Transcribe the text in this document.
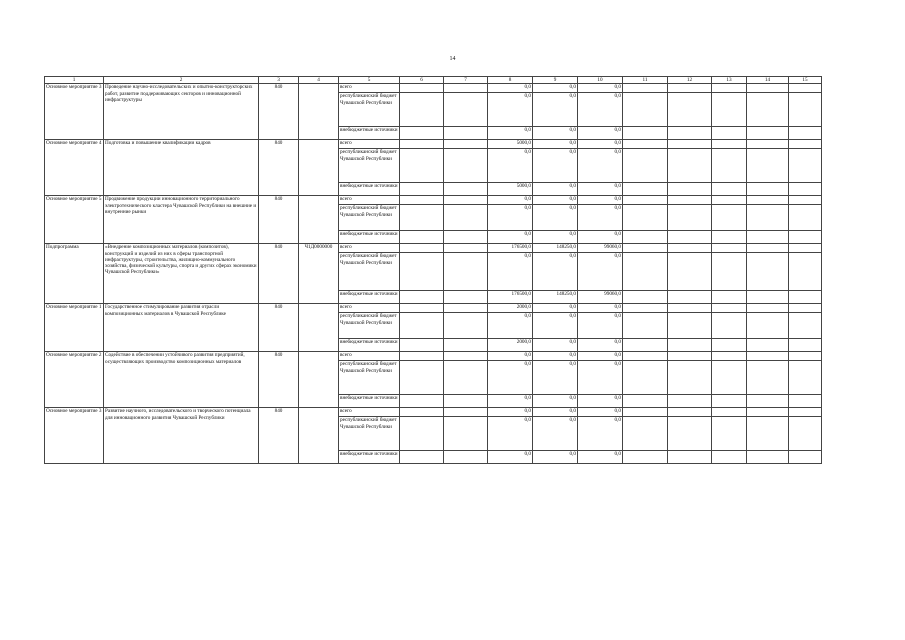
14
1	2	3	4	5	6	7	8	9	10	11	12	13	14	15
Основное мероприятие 3	Проведение научно-исследовательских и опытно-конструкторских работ, развитие поддерживающих секторов и инновационной инфраструктуры	840		всего			0,0	0,0	0,0					
				республиканский бюджет Чувашской Республики			0,0	0,0	0,0					
				внебюджетные источники			0,0	0,0	0,0					
Основное мероприятие 4	Подготовка и повышение квалификации кадров	840		всего			5000,0	0,0	0,0					
				республиканский бюджет Чувашской Республики			0,0	0,0	0,0					
				внебюджетные источники			5000,0	0,0	0,0					
Основное мероприятие 5	Продвижение продукции инновационного территориального электротехнического кластера Чувашской Республики на внешние и внутренние рынки	840		всего			0,0	0,0	0,0					
				республиканский бюджет Чувашской Республики			0,0	0,0	0,0					
				внебюджетные источники			0,0	0,0	0,0					
Подпрограмма	«Внедрение композиционных материалов (композитов), конструкций и изделий из них в сферы транспортной инфраструктуры, строительства, жилищно-коммунального хозяйства, физической культуры, спорта и других сферах экономики Чувашской Республики»	840	Ч1Д0000000	всего			176500,0	148250,0	99060,0					
				республиканский бюджет Чувашской Республики			0,0	0,0	0,0					
				внебюджетные источники			176500,0	148250,0	99060,0					
Основное мероприятие 1	Государственное стимулирование развития отрасли композиционных материалов в Чувашской Республике	840		всего			2000,0	0,0	0,0					
				республиканский бюджет Чувашской Республики			0,0	0,0	0,0					
				внебюджетные источники			2000,0	0,0	0,0					
Основное мероприятие 2	Содействие в обеспечении устойчивого развития предприятий, осуществляющих производство композиционных материалов	840		всего			0,0	0,0	0,0					
				республиканский бюджет Чувашской Республики			0,0	0,0	0,0					
				внебюджетные источники			0,0	0,0	0,0					
Основное мероприятие 3	Развитие научного, исследовательского и творческого потенциала для инновационного развития Чувашской Республики	840		всего			0,0	0,0	0,0					
				республиканский бюджет Чувашской Республики			0,0	0,0	0,0					
				внебюджетные источники			0,0	0,0	0,0					
